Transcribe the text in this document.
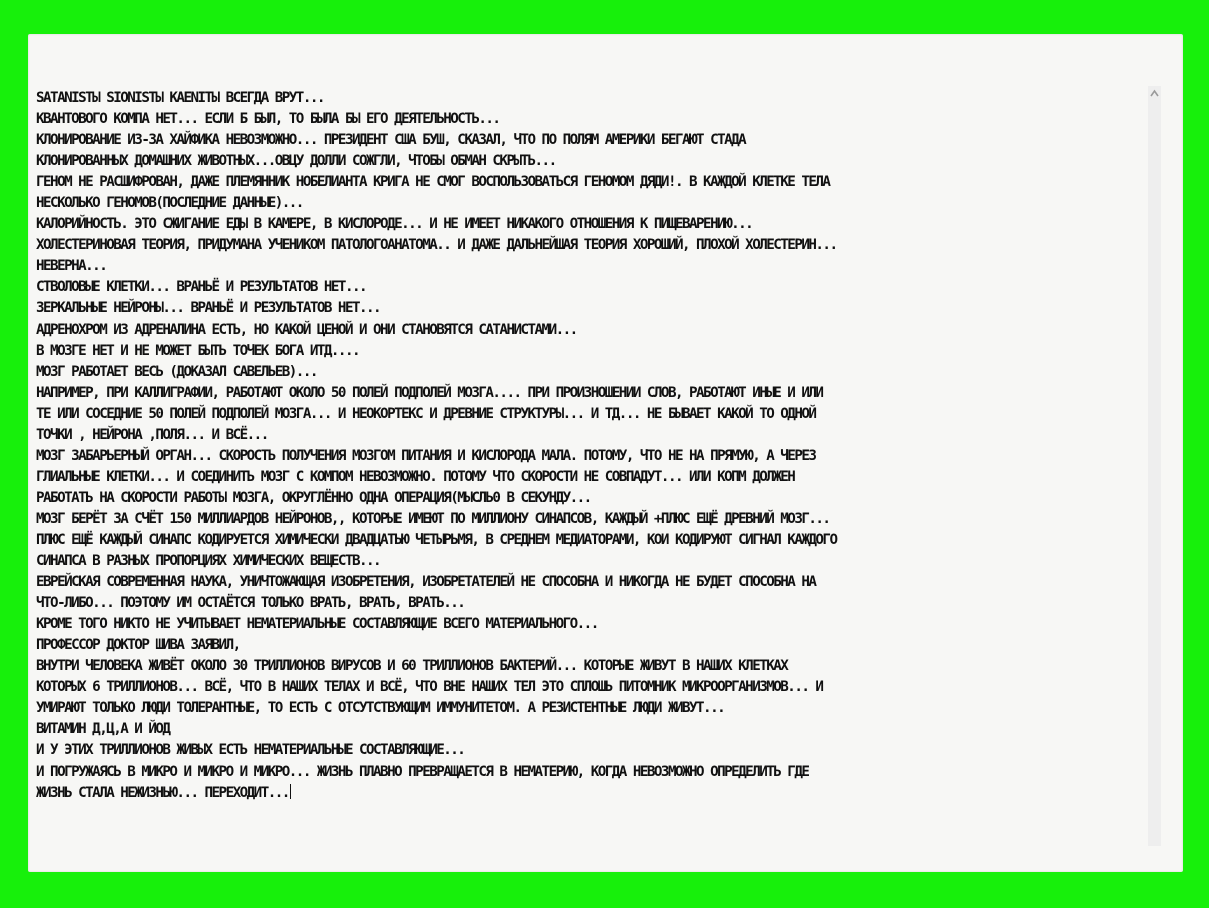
SATANISTЫ SIONISTЫ KAENITЫ ВСЕГДА ВРУТ...
КВАНТОВОГО КОМПА НЕТ... ЕСЛИ Б БЫЛ, ТО БЫЛА БЫ ЕГО ДЕЯТЕЛЬНОСТЬ...
КЛОНИРОВАНИЕ ИЗ-ЗА ХАЙФИКА НЕВОЗМОЖНО... ПРЕЗИДЕНТ США БУШ, СКАЗАЛ, ЧТО ПО ПОЛЯМ АМЕРИКИ БЕГАЮТ СТАДА
КЛОНИРОВАННЫХ ДОМАШНИХ ЖИВОТНЫХ...ОВЦУ ДОЛЛИ СОЖГЛИ, ЧТОБЫ ОБМАН СКРЫТЬ...
ГЕНОМ НЕ РАСШИФРОВАН, ДАЖЕ ПЛЕМЯННИК НОБЕЛИАНТА КРИГА НЕ СМОГ ВОСПОЛЬЗОВАТЬСЯ ГЕНОМОМ ДЯДИ!. В КАЖДОЙ КЛЕТКЕ ТЕЛА
НЕСКОЛЬКО ГЕНОМОВ(ПОСЛЕДНИЕ ДАННЫЕ)...
КАЛОРИЙНОСТЬ. ЭТО СЖИГАНИЕ ЕДЫ В КАМЕРЕ, В КИСЛОРОДЕ... И НЕ ИМЕЕТ НИКАКОГО ОТНОШЕНИЯ К ПИЩЕВАРЕНИЮ...
ХОЛЕСТЕРИНОВАЯ ТЕОРИЯ, ПРИДУМАНА УЧЕНИКОМ ПАТОЛОГОАНАТОМА.. И ДАЖЕ ДАЛЬНЕЙШАЯ ТЕОРИЯ ХОРОШИЙ, ПЛОХОЙ ХОЛЕСТЕРИН...
НЕВЕРНА...
СТВОЛОВЫЕ КЛЕТКИ... ВРАНЬЁ И РЕЗУЛЬТАТОВ НЕТ...
ЗЕРКАЛЬНЫЕ НЕЙРОНЫ... ВРАНЬЁ И РЕЗУЛЬТАТОВ НЕТ...
АДРЕНОХРОМ ИЗ АДРЕНАЛИНА ЕСТЬ, НО КАКОЙ ЦЕНОЙ И ОНИ СТАНОВЯТСЯ САТАНИСТАМИ...
В МОЗГЕ НЕТ И НЕ МОЖЕТ БЫТЬ ТОЧЕК БОГА ИТД....
МОЗГ РАБОТАЕТ ВЕСЬ (ДОКАЗАЛ САВЕЛЬЕВ)...
НАПРИМЕР, ПРИ КАЛЛИГРАФИИ, РАБОТАЮТ ОКОЛО 50 ПОЛЕЙ ПОДПОЛЕЙ МОЗГА.... ПРИ ПРОИЗНОШЕНИИ СЛОВ, РАБОТАЮТ ИНЫЕ И ИЛИ
ТЕ ИЛИ СОСЕДНИЕ 50 ПОЛЕЙ ПОДПОЛЕЙ МОЗГА... И НЕОКОРТЕКС И ДРЕВНИЕ СТРУКТУРЫ... И ТД... НЕ БЫВАЕТ КАКОЙ ТО ОДНОЙ
ТОЧКИ , НЕЙРОНА ,ПОЛЯ... И ВСЁ...
МОЗГ ЗАБАРЬЕРНЫЙ ОРГАН... СКОРОСТЬ ПОЛУЧЕНИЯ МОЗГОМ ПИТАНИЯ И КИСЛОРОДА МАЛА. ПОТОМУ, ЧТО НЕ НА ПРЯМУЮ, А ЧЕРЕЗ
ГЛИАЛЬНЫЕ КЛЕТКИ... И СОЕДИНИТЬ МОЗГ С КОМПОМ НЕВОЗМОЖНО. ПОТОМУ ЧТО СКОРОСТИ НЕ СОВПАДУТ... ИЛИ КОПМ ДОЛЖЕН
РАБОТАТЬ НА СКОРОСТИ РАБОТЫ МОЗГА, ОКРУГЛЁННО ОДНА ОПЕРАЦИЯ(МЫСЛЬ0 В СЕКУНДУ...
МОЗГ БЕРЁТ ЗА СЧЁТ 150 МИЛЛИАРДОВ НЕЙРОНОВ,, КОТОРЫЕ ИМЕЮТ ПО МИЛЛИОНУ СИНАПСОВ, КАЖДЫЙ +ПЛЮС ЕЩЁ ДРЕВНИЙ МОЗГ...
ПЛЮС ЕЩЁ КАЖДЫЙ СИНАПС КОДИРУЕТСЯ ХИМИЧЕСКИ ДВАДЦАТЬЮ ЧЕТЫРЬМЯ, В СРЕДНЕМ МЕДИАТОРАМИ, КОИ КОДИРУЮТ СИГНАЛ КАЖДОГО
СИНАПСА В РАЗНЫХ ПРОПОРЦИЯХ ХИМИЧЕСКИХ ВЕЩЕСТВ...
ЕВРЕЙСКАЯ СОВРЕМЕННАЯ НАУКА, УНИЧТОЖАЮЩАЯ ИЗОБРЕТЕНИЯ, ИЗОБРЕТАТЕЛЕЙ НЕ СПОСОБНА И НИКОГДА НЕ БУДЕТ СПОСОБНА НА
ЧТО-ЛИБО... ПОЭТОМУ ИМ ОСТАЁТСЯ ТОЛЬКО ВРАТЬ, ВРАТЬ, ВРАТЬ...
КРОМЕ ТОГО НИКТО НЕ УЧИТЫВАЕТ НЕМАТЕРИАЛЬНЫЕ СОСТАВЛЯЮЩИЕ ВСЕГО МАТЕРИАЛЬНОГО...
ПРОФЕССОР ДОКТОР ШИВА ЗАЯВИЛ,
ВНУТРИ ЧЕЛОВЕКА ЖИВЁТ ОКОЛО 30 ТРИЛЛИОНОВ ВИРУСОВ И 60 ТРИЛЛИОНОВ БАКТЕРИЙ... КОТОРЫЕ ЖИВУТ В НАШИХ КЛЕТКАХ
КОТОРЫХ 6 ТРИЛЛИОНОВ... ВСЁ, ЧТО В НАШИХ ТЕЛАХ И ВСЁ, ЧТО ВНЕ НАШИХ ТЕЛ ЭТО СПЛОШЬ ПИТОМНИК МИКРООРГАНИЗМОВ... И
УМИРАЮТ ТОЛЬКО ЛЮДИ ТОЛЕРАНТНЫЕ, ТО ЕСТЬ С ОТСУТСТВУЮЩИМ ИММУНИТЕТОМ. А РЕЗИСТЕНТНЫЕ ЛЮДИ ЖИВУТ...
ВИТАМИН Д,Ц,А И ЙОД
И У ЭТИХ ТРИЛЛИОНОВ ЖИВЫХ ЕСТЬ НЕМАТЕРИАЛЬНЫЕ СОСТАВЛЯЮЩИЕ...
И ПОГРУЖАЯСЬ В МИКРО И МИКРО И МИКРО... ЖИЗНЬ ПЛАВНО ПРЕВРАЩАЕТСЯ В НЕМАТЕРИЮ, КОГДА НЕВОЗМОЖНО ОПРЕДЕЛИТЬ ГДЕ
ЖИЗНЬ СТАЛА НЕЖИЗНЬЮ... ПЕРЕХОДИТ...
